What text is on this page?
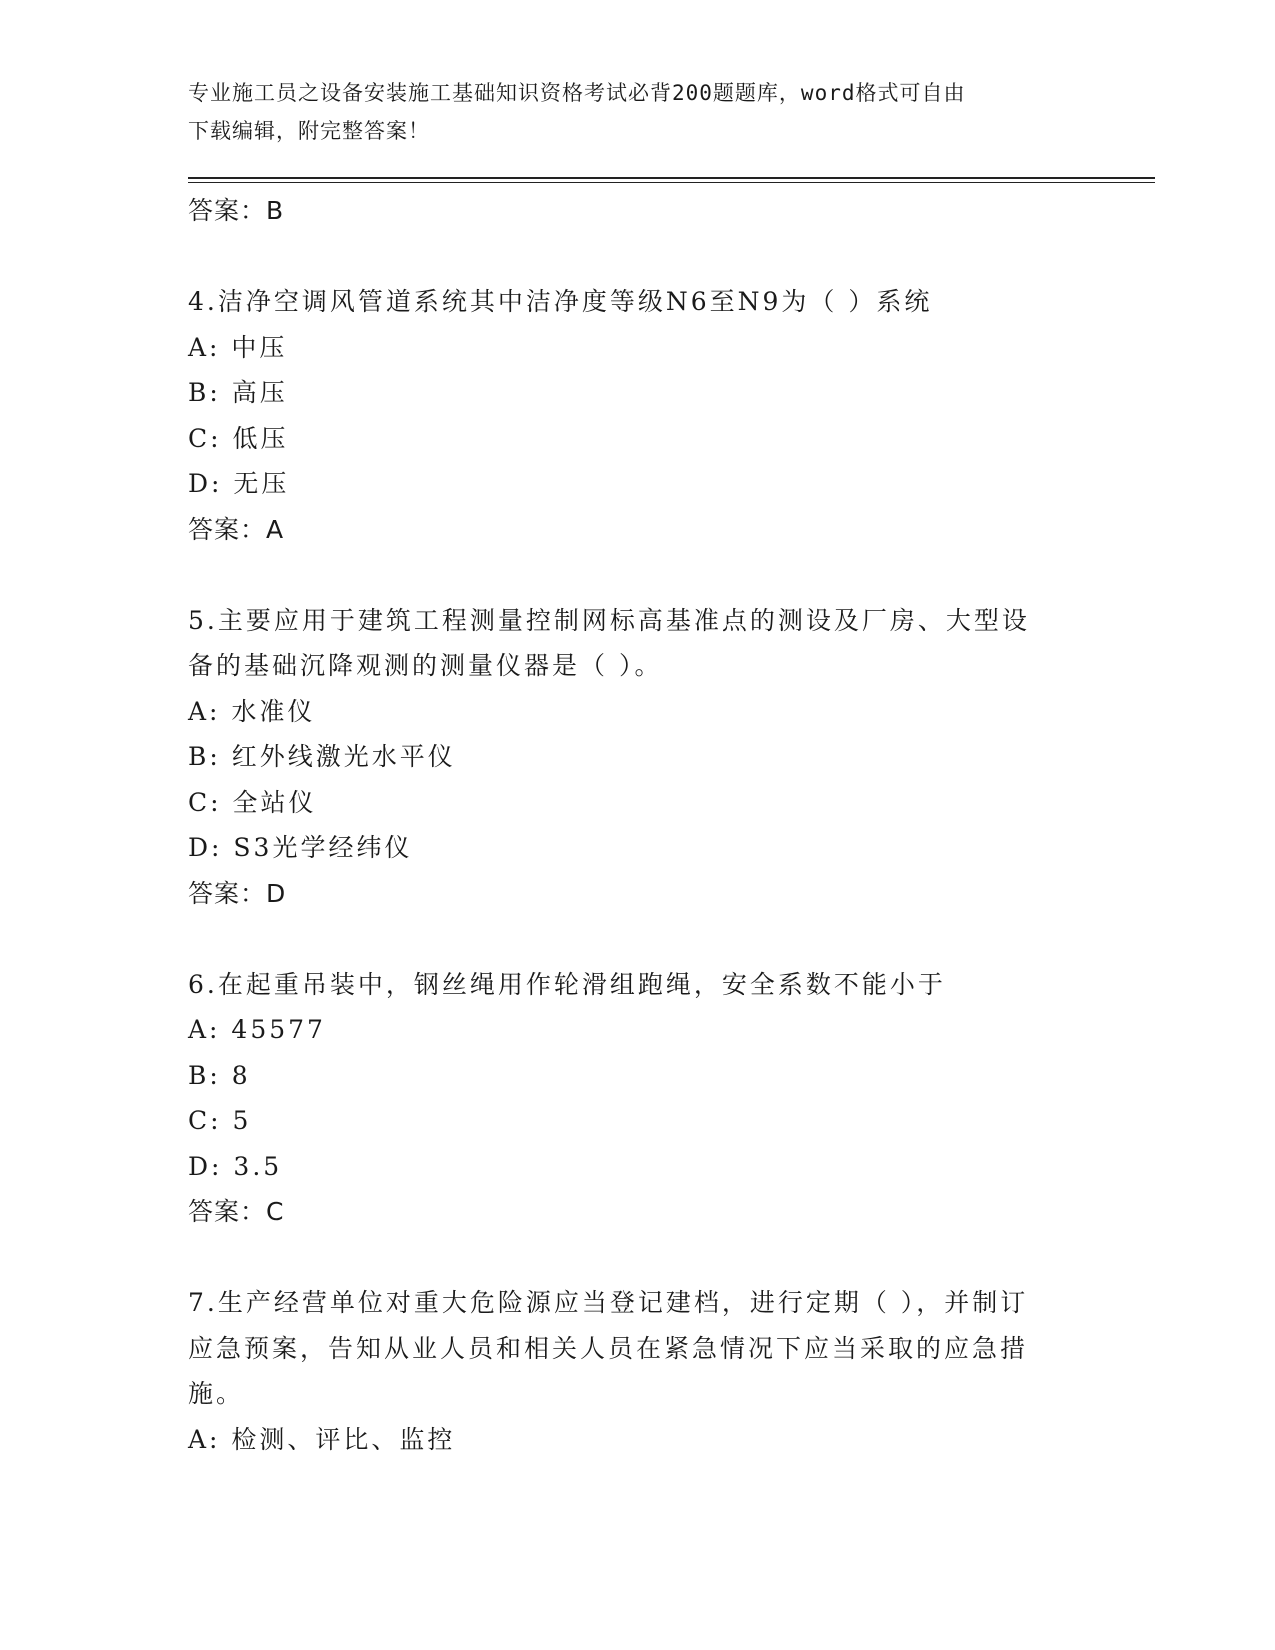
专业施工员之设备安装施工基础知识资格考试必背200题题库，word格式可自由
下载编辑，附完整答案！
答案：B
4.洁净空调风管道系统其中洁净度等级N6至N9为（ ）系统
A: 中压
B: 高压
C: 低压
D: 无压
答案：A
5.主要应用于建筑工程测量控制网标高基准点的测设及厂房、大型设
备的基础沉降观测的测量仪器是（ ）。
A: 水准仪
B: 红外线激光水平仪
C: 全站仪
D: S3光学经纬仪
答案：D
6.在起重吊装中，钢丝绳用作轮滑组跑绳，安全系数不能小于
A: 45577
B: 8
C: 5
D: 3.5
答案：C
7.生产经营单位对重大危险源应当登记建档，进行定期（ ），并制订
应急预案，告知从业人员和相关人员在紧急情况下应当采取的应急措
施。
A: 检测、评比、监控
